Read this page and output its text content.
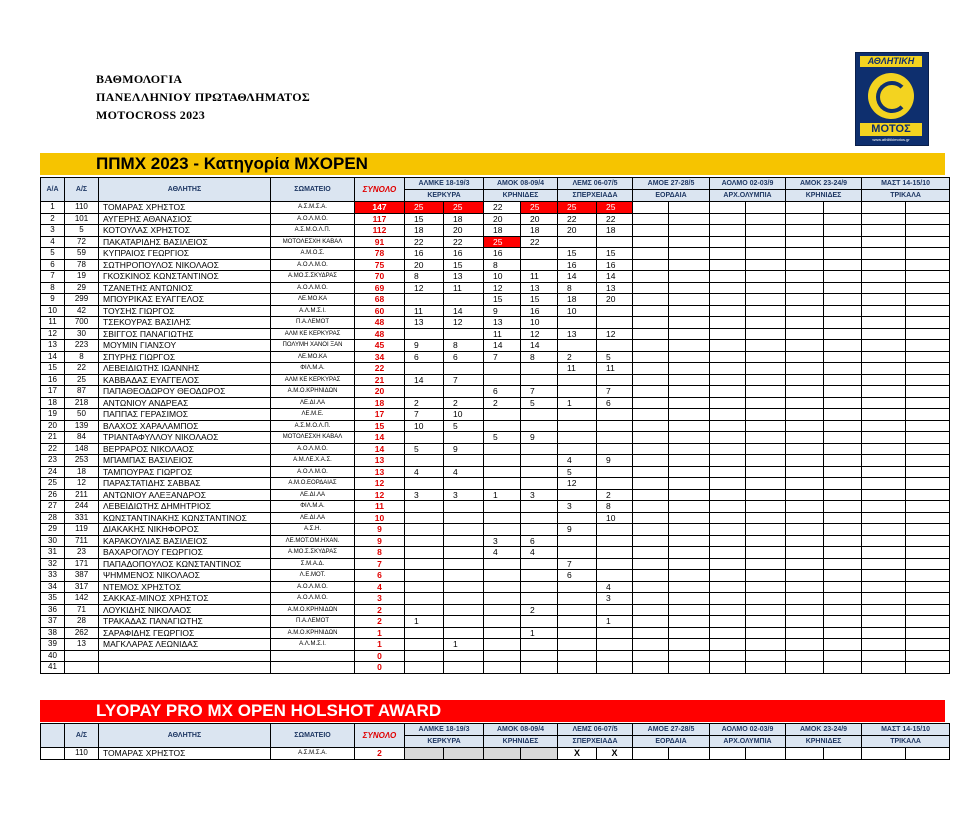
ΒΑΘΜΟΛΟΓΙΑ
ΠΑΝΕΛΛΗΝΙΟΥ ΠΡΩΤΑΘΛΗΜΑΤΟΣ
MOTOCROSS 2023
ΑΘΛΗΤΙΚΗ
ΜΟΤΟΣ
www.athlitikimotos.gr
ΠΠΜΧ 2023 - Κατηγορία MXOPEN
Α/Α	Α/Σ	ΑΘΛΗΤΗΣ	ΣΩΜΑΤΕΙΟ	ΣΥΝΟΛΟ	ΑΛΜΚΕ 18-19/3		ΑΜΟΚ 08-09/4		ΛΕΜΣ 06-07/5		ΑΜΟΕ 27-28/5		ΑΟΛΜΟ 02-03/9		ΑΜΟΚ 23-24/9		ΜΑΣΤ 14-15/10	
					ΚΕΡΚΥΡΑ		ΚΡΗΝΙΔΕΣ		ΣΠΕΡΧΕΙΑΔΑ		ΕΟΡΔΑΙΑ		ΑΡΧ.ΟΛΥΜΠΙΑ		ΚΡΗΝΙΔΕΣ		ΤΡΙΚΑΛΑ	
1	110	ΤΟΜΑΡΑΣ ΧΡΗΣΤΟΣ	Α.Σ.Μ.Σ.Α.	147	25	25	22	25	25	25								
2	101	ΑΥΓΕΡΗΣ ΑΘΑΝΑΣΙΟΣ	Α.Ο.Λ.Μ.Ο.	117	15	18	20	20	22	22								
3	5	ΚΟΤΟΥΛΑΣ ΧΡΗΣΤΟΣ	Α.Σ.Μ.Ο.Λ.Π.	112	18	20	18	18	20	18								
4	72	ΠΑΚΑΤΑΡΙΔΗΣ ΒΑΣΙΛΕΙΟΣ	ΜΟΤΟΛΕΣΧΗ ΚΑΒΑΛ	91	22	22	25	22										
5	59	ΚΥΠΡΑΙΟΣ ΓΕΩΡΓΙΟΣ	Α.Μ.Ο.Σ.	78	16	16	16		15	15								
6	78	ΣΩΤΗΡΟΠΟΥΛΟΣ ΝΙΚΟΛΑΟΣ	Α.Ο.Λ.Μ.Ο.	75	20	15	8		16	16								
7	19	ΓΚΟΣΚΙΝΟΣ ΚΩΝΣΤΑΝΤΙΝΟΣ	Α.ΜΟ.Σ.ΣΚΥΔΡΑΣ	70	8	13	10	11	14	14								
8	29	ΤΖΑΝΕΤΗΣ ΑΝΤΩΝΙΟΣ	Α.Ο.Λ.Μ.Ο.	69	12	11	12	13	8	13								
9	299	ΜΠΟΥΡΙΚΑΣ ΕΥΑΓΓΕΛΟΣ	ΛΕ.ΜΟ.ΚΑ	68			15	15	18	20								
10	42	ΤΟΥΣΗΣ ΓΙΩΡΓΟΣ	Α.Λ.Μ.Σ.Ι.	60	11	14	9	16	10									
11	700	ΤΣΕΚΟΥΡΑΣ ΒΑΣΙΛΗΣ	Π.Α.ΛΕΜΟΤ	48	13	12	13	10										
12	30	ΣΒΙΓΓΟΣ ΠΑΝΑΓΙΩΤΗΣ	ΑΛΜ ΚΕ ΚΕΡΚΥΡΑΣ	48			11	12	13	12								
13	223	ΜΟΥΜΙΝ ΓΙΑΝΣΟΥ	ΠΟΛΥΜΗ ΧΑΝΟΙ ΞΑΝ	45	9	8	14	14										
14	8	ΣΠΥΡΗΣ ΓΙΩΡΓΟΣ	ΛΕ.ΜΟ.ΚΑ	34	6	6	7	8	2	5								
15	22	ΛΕΒΕΙΔΙΩΤΗΣ ΙΩΑΝΝΗΣ	ΦΙΛ.Μ.Α.	22					11	11								
16	25	ΚΑΒΒΑΔΑΣ ΕΥΑΓΓΕΛΟΣ	ΑΛΜ ΚΕ ΚΕΡΚΥΡΑΣ	21	14	7												
17	87	ΠΑΠΑΘΕΟΔΩΡΟΥ ΘΕΟΔΩΡΟΣ	Α.Μ.Ο.ΚΡΗΝΙΔΩΝ	20			6	7		7								
18	218	ΑΝΤΩΝΙΟΥ ΑΝΔΡΕΑΣ	ΛΕ.ΔΙ.ΛΑ	18	2	2	2	5	1	6								
19	50	ΠΑΠΠΑΣ ΓΕΡΑΣΙΜΟΣ	ΛΕ.Μ.Ε.	17	7	10												
20	139	ΒΛΑΧΟΣ ΧΑΡΑΛΑΜΠΟΣ	Α.Σ.Μ.Ο.Λ.Π.	15	10	5												
21	84	ΤΡΙΑΝΤΑΦΥΛΛΟΥ ΝΙΚΟΛΑΟΣ	ΜΟΤΟΛΕΣΧΗ ΚΑΒΑΛ	14			5	9										
22	148	ΒΕΡΡΑΡΟΣ ΝΙΚΟΛΑΟΣ	Α.Ο.Λ.Μ.Ο.	14	5	9												
23	253	ΜΠΑΜΠΑΣ ΒΑΣΙΛΕΙΟΣ	Α.Μ.ΛΕ.Χ.Α.Σ.	13					4	9								
24	18	ΤΑΜΠΟΥΡΑΣ ΓΙΩΡΓΟΣ	Α.Ο.Λ.Μ.Ο.	13	4	4			5									
25	12	ΠΑΡΑΣΤΑΤΙΔΗΣ ΣΑΒΒΑΣ	Α.Μ.Ο.ΕΟΡΔΑΙΑΣ	12					12									
26	211	ΑΝΤΩΝΙΟΥ ΑΛΕΞΑΝΔΡΟΣ	ΛΕ.ΔΙ.ΛΑ	12	3	3	1	3		2								
27	244	ΛΕΒΕΙΔΙΩΤΗΣ ΔΗΜΗΤΡΙΟΣ	ΦΙΛ.Μ.Α.	11					3	8								
28	331	ΚΩΝΣΤΑΝΤΙΝΑΚΗΣ ΚΩΝΣΤΑΝΤΙΝΟΣ	ΛΕ.ΔΙ.ΛΑ	10						10								
29	119	ΔΙΑΚΑΚΗΣ ΝΙΚΗΦΟΡΟΣ	Α.Σ.Η.	9					9									
30	711	ΚΑΡΑΚΟΥΛΙΑΣ ΒΑΣΙΛΕΙΟΣ	ΛΕ.ΜΟΤ.ΟΜ.ΗΧΑΝ.	9			3	6										
31	23	ΒΑΧΑΡΟΓΛΟΥ ΓΕΩΡΓΙΟΣ	Α.ΜΟ.Σ.ΣΚΥΔΡΑΣ	8			4	4										
32	171	ΠΑΠΑΔΟΠΟΥΛΟΣ ΚΩΝΣΤΑΝΤΙΝΟΣ	Σ.Μ.Α.Δ.	7					7									
33	387	ΨΗΜΜΕΝΟΣ ΝΙΚΟΛΑΟΣ	Λ.Ε.ΜΟΤ.	6					6									
34	317	ΝΤΕΜΟΣ ΧΡΗΣΤΟΣ	Α.Ο.Λ.Μ.Ο.	4						4								
35	142	ΣΑΚΚΑΣ-ΜΙΝΟΣ ΧΡΗΣΤΟΣ	Α.Ο.Λ.Μ.Ο.	3						3								
36	71	ΛΟΥΚΙΔΗΣ ΝΙΚΟΛΑΟΣ	Α.Μ.Ο.ΚΡΗΝΙΔΩΝ	2				2										
37	28	ΤΡΑΚΑΔΑΣ ΠΑΝΑΓΙΩΤΗΣ	Π.Α.ΛΕΜΟΤ	2	1					1								
38	262	ΣΑΡΑΦΙΔΗΣ ΓΕΩΡΓΙΟΣ	Α.Μ.Ο.ΚΡΗΝΙΔΩΝ	1				1										
39	13	ΜΑΓΚΛΑΡΑΣ ΛΕΩΝΙΔΑΣ	Α.Λ.Μ.Σ.Ι.	1		1												
40				0														
41				0														
LYOPAY PRO MX OPEN HOLSHOT AWARD
	Α/Σ	ΑΘΛΗΤΗΣ	ΣΩΜΑΤΕΙΟ	ΣΥΝΟΛΟ	ΑΛΜΚΕ 18-19/3		ΑΜΟΚ 08-09/4		ΛΕΜΣ 06-07/5		ΑΜΟΕ 27-28/5		ΑΟΛΜΟ 02-03/9		ΑΜΟΚ 23-24/9		ΜΑΣΤ 14-15/10	
					ΚΕΡΚΥΡΑ		ΚΡΗΝΙΔΕΣ		ΣΠΕΡΧΕΙΑΔΑ		ΕΟΡΔΑΙΑ		ΑΡΧ.ΟΛΥΜΠΙΑ		ΚΡΗΝΙΔΕΣ		ΤΡΙΚΑΛΑ	
	110	ΤΟΜΑΡΑΣ ΧΡΗΣΤΟΣ	Α.Σ.Μ.Σ.Α.	2					X	X								
